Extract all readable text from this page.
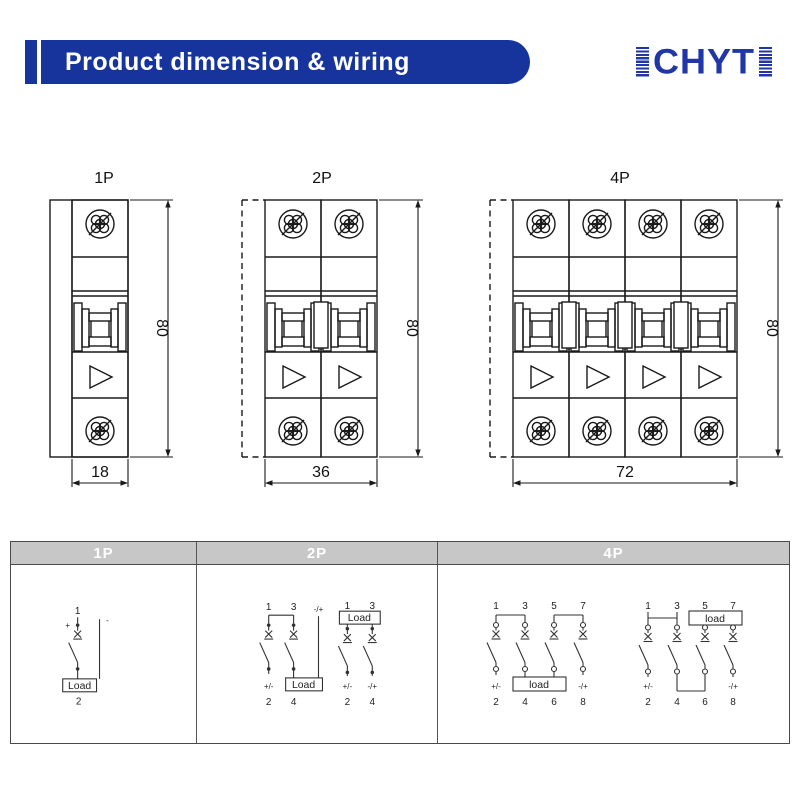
Product dimension & wiring	CHYT
1P
80
18
2P
80
36
4P
80
72
1P	2P	4P
1
+
Load
2
-
1 3 -/+
Load
+/-
2 4
1 3
Load
+/- -/+
2 4
1 3 5 7
load
+/-	-/+
2 4 6 8
1 3 5 7
load
+/-	-/+
2 4 6 8
